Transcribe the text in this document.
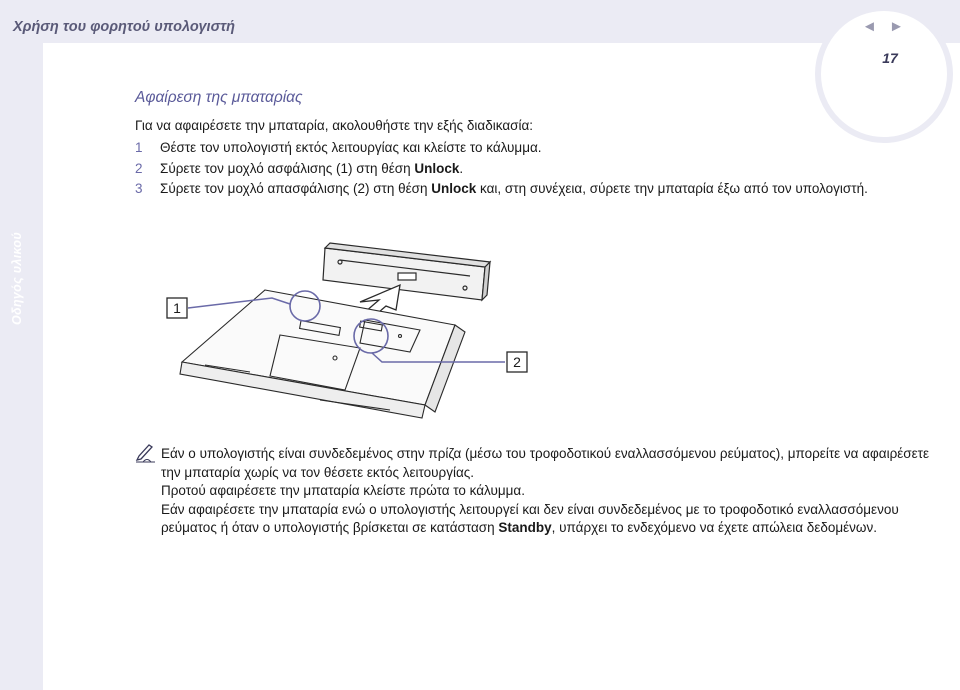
Χρήση του φορητού υπολογιστή
Οδηγός υλικού
◄ ►
17
Αφαίρεση της μπαταρίας
Για να αφαιρέσετε την μπαταρία, ακολουθήστε την εξής διαδικασία:
1	Θέστε τον υπολογιστή εκτός λειτουργίας και κλείστε το κάλυμμα.
2	Σύρετε τον μοχλό ασφάλισης (1) στη θέση Unlock.
3	Σύρετε τον μοχλό απασφάλισης (2) στη θέση Unlock και, στη συνέχεια, σύρετε την μπαταρία έξω από τον υπολογιστή.
1
2

Εάν ο υπολογιστής είναι συνδεδεμένος στην πρίζα (μέσω του τροφοδοτικού εναλλασσόμενου ρεύματος), μπορείτε να αφαιρέσετε την μπαταρία χωρίς να τον θέσετε εκτός λειτουργίας.

Προτού αφαιρέσετε την μπαταρία κλείστε πρώτα το κάλυμμα.

Εάν αφαιρέσετε την μπαταρία ενώ ο υπολογιστής λειτουργεί και δεν είναι συνδεδεμένος με το τροφοδοτικό εναλλασσόμενου ρεύματος ή όταν ο υπολογιστής βρίσκεται σε κατάσταση Standby, υπάρχει το ενδεχόμενο να έχετε απώλεια δεδομένων.
